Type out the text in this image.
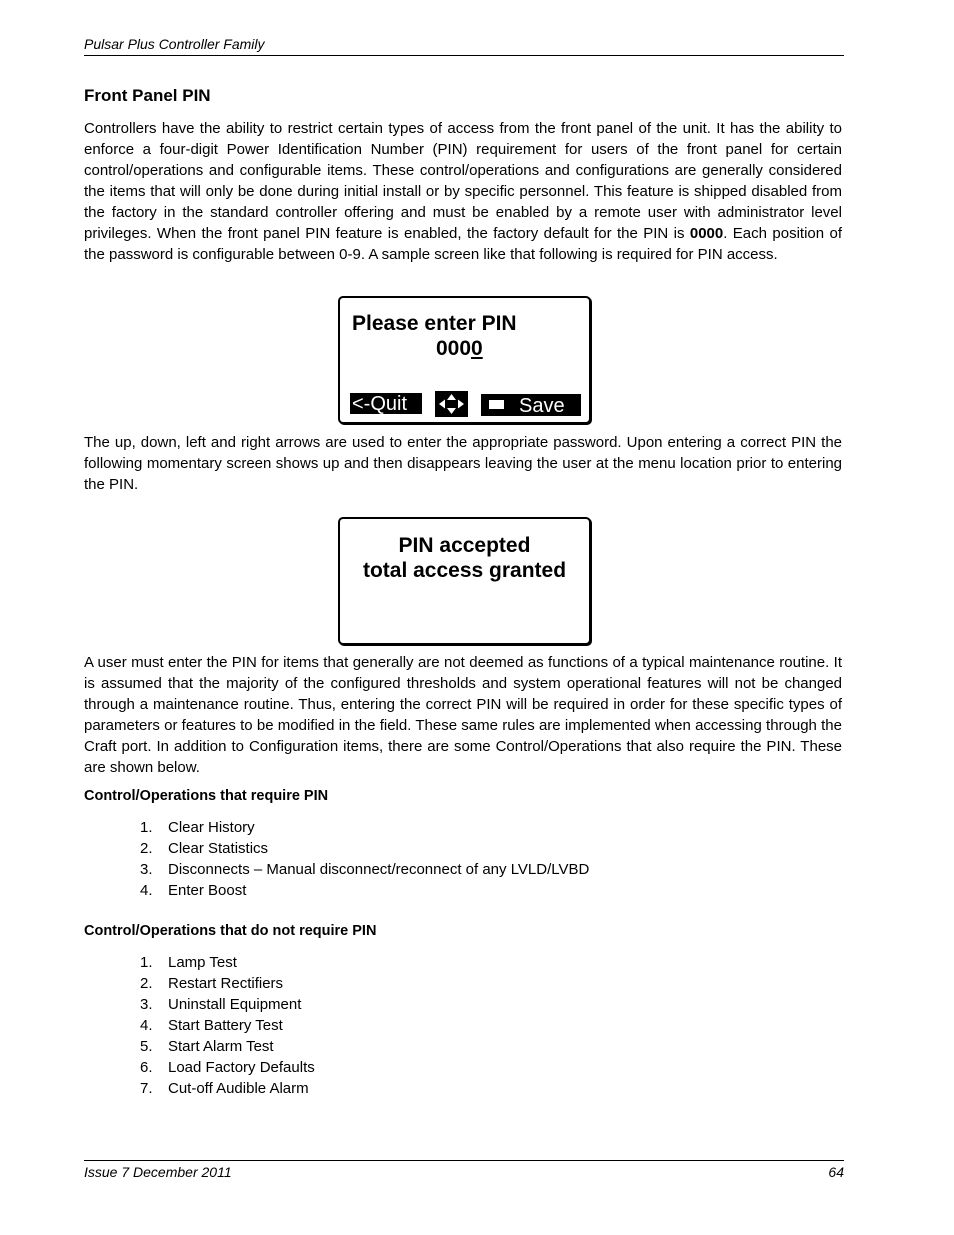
Pulsar Plus Controller Family
Front Panel PIN
Controllers have the ability to restrict certain types of access from the front panel of the unit. It has the ability to enforce a four-digit Power Identification Number (PIN) requirement for users of the front panel for certain control/operations and configurable items. These control/operations and configurations are generally considered the items that will only be done during initial install or by specific personnel. This feature is shipped disabled from the factory in the standard controller offering and must be enabled by a remote user with administrator level privileges. When the front panel PIN feature is enabled, the factory default for the PIN is 0000. Each position of the password is configurable between 0-9. A sample screen like that following is required for PIN access.
Please enter PIN
0000
<-Quit	Save
The up, down, left and right arrows are used to enter the appropriate password. Upon entering a correct PIN the following momentary screen shows up and then disappears leaving the user at the menu location prior to entering the PIN.
PIN accepted
total access granted
A user must enter the PIN for items that generally are not deemed as functions of a typical maintenance routine. It is assumed that the majority of the configured thresholds and system operational features will not be changed through a maintenance routine. Thus, entering the correct PIN will be required in order for these specific types of parameters or features to be modified in the field. These same rules are implemented when accessing through the Craft port. In addition to Configuration items, there are some Control/Operations that also require the PIN. These are shown below.
Control/Operations that require PIN
1. Clear History
2. Clear Statistics
3. Disconnects – Manual disconnect/reconnect of any LVLD/LVBD
4. Enter Boost
Control/Operations that do not require PIN
1. Lamp Test
2. Restart Rectifiers
3. Uninstall Equipment
4. Start Battery Test
5. Start Alarm Test
6. Load Factory Defaults
7. Cut-off Audible Alarm
Issue 7 December 2011	64
